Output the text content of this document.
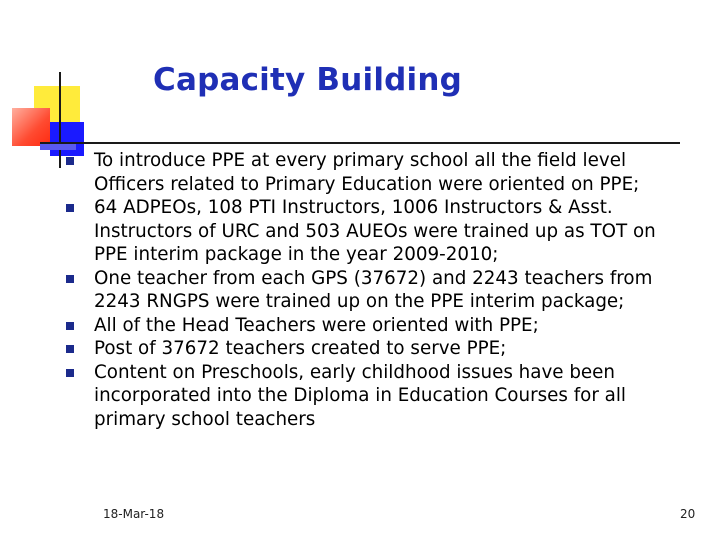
Capacity Building
To introduce PPE at every primary school all the field level Officers related to Primary Education were oriented on PPE;
64 ADPEOs, 108 PTI Instructors, 1006 Instructors & Asst. Instructors of URC and 503 AUEOs were trained up as TOT on PPE interim package in the year 2009-2010;
One teacher from each GPS (37672) and 2243 teachers from 2243 RNGPS were trained up on the PPE interim package;
All of the Head Teachers were oriented with PPE;
Post of 37672 teachers created to serve PPE;
Content on Preschools, early childhood issues have been incorporated into the Diploma in Education Courses for all primary school teachers
18-Mar-18	20
